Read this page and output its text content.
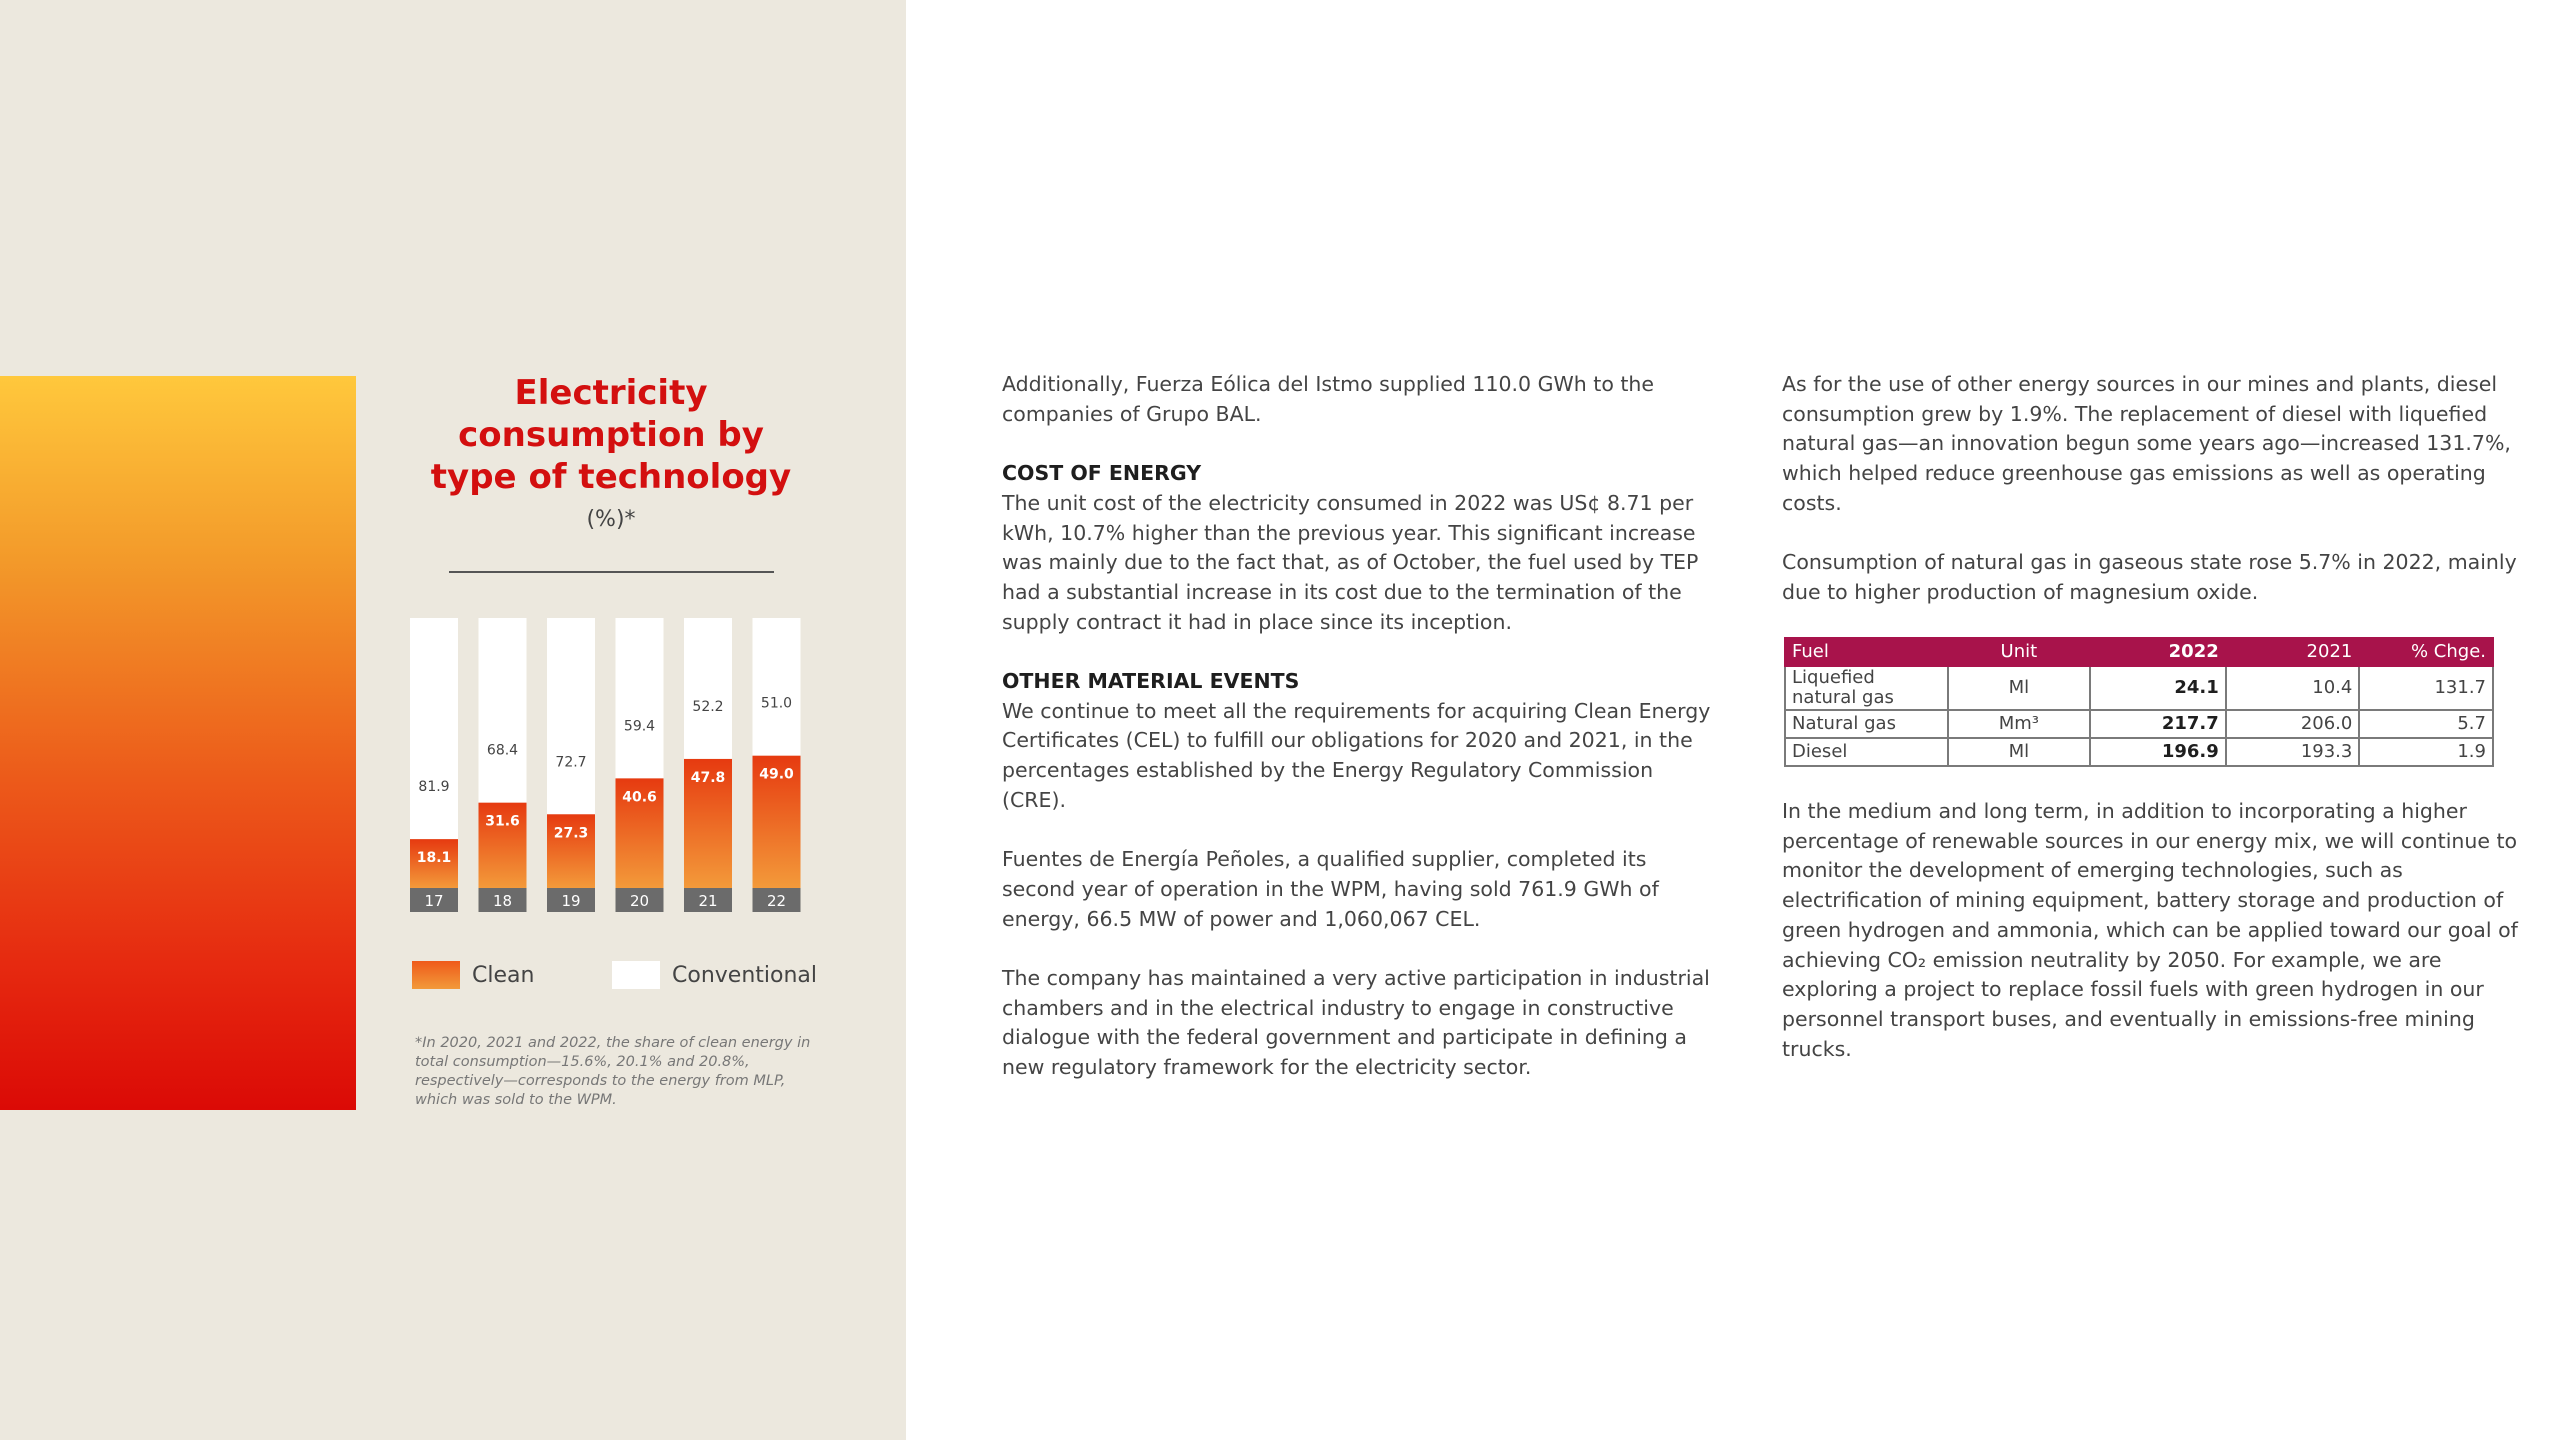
Electricity consumption by type of technology
(%)*
18.1
81.9
17
31.6
68.4
18
27.3
72.7
19
40.6
59.4
20
47.8
52.2
21
49.0
51.0
22
Clean	Conventional

*In 2020, 2021 and 2022, the share of clean energy in total consumption—15.6%, 20.1% and 20.8%, respectively—corresponds to the energy from MLP, which was sold to the WPM.

Additionally, Fuerza Eólica del Istmo supplied 110.0 GWh to the companies of Grupo BAL.

COST OF ENERGY

The unit cost of the electricity consumed in 2022 was US¢ 8.71 per kWh, 10.7% higher than the previous year. This significant increase was mainly due to the fact that, as of October, the fuel used by TEP had a substantial increase in its cost due to the termination of the supply contract it had in place since its inception.

OTHER MATERIAL EVENTS

We continue to meet all the requirements for acquiring Clean Energy Certificates (CEL) to fulfill our obligations for 2020 and 2021, in the percentages established by the Energy Regulatory Commission (CRE).

Fuentes de Energía Peñoles, a qualified supplier, completed its second year of operation in the WPM, having sold 761.9 GWh of energy, 66.5 MW of power and 1,060,067 CEL.

The company has maintained a very active participation in industrial chambers and in the electrical industry to engage in constructive dialogue with the federal government and participate in defining a new regulatory framework for the electricity sector.

As for the use of other energy sources in our mines and plants, diesel consumption grew by 1.9%. The replacement of diesel with liquefied natural gas—an innovation begun some years ago—increased 131.7%, which helped reduce greenhouse gas emissions as well as operating costs.

Consumption of natural gas in gaseous state rose 5.7% in 2022, mainly due to higher production of magnesium oxide.

Fuel	Unit	2022	2021	% Chge.
Liquefied
natural gas	Ml	24.1	10.4	131.7
Natural gas	Mm³	217.7	206.0	5.7
Diesel	Ml	196.9	193.3	1.9

In the medium and long term, in addition to incorporating a higher percentage of renewable sources in our energy mix, we will continue to monitor the development of emerging technologies, such as electrification of mining equipment, battery storage and production of green hydrogen and ammonia, which can be applied toward our goal of achieving CO₂ emission neutrality by 2050. For example, we are exploring a project to replace fossil fuels with green hydrogen in our personnel transport buses, and eventually in emissions-free mining trucks.
